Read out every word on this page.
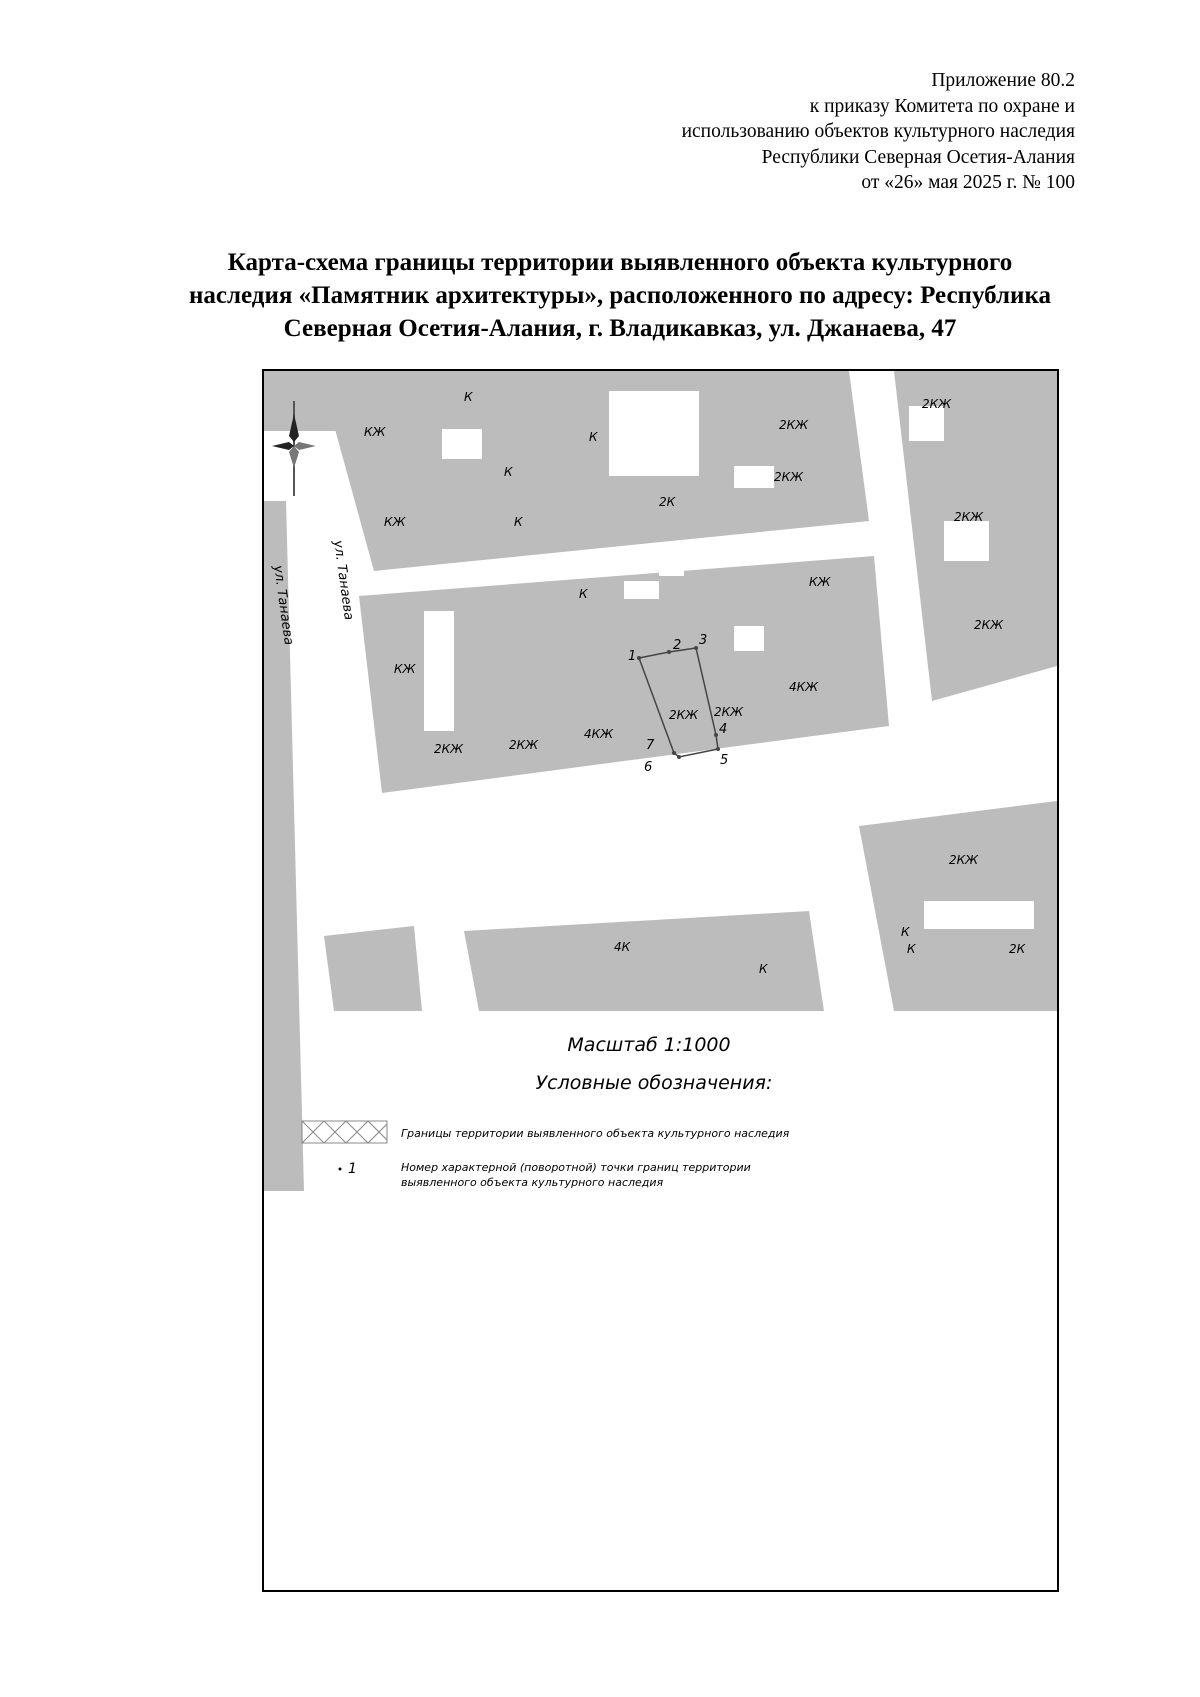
Приложение 80.2
к приказу Комитета по охране и
использованию объектов культурного наследия
Республики Северная Осетия-Алания
от «26» мая 2025 г. № 100
Карта-схема границы территории выявленного объекта культурного
наследия «Памятник архитектуры», расположенного по адресу: Республика
Северная Осетия-Алания, г. Владикавказ, ул. Джанаева, 47
ул. Танаева	ул. Танаева
К
КЖ	К
К
2КЖ
2КЖ
КЖ	К
2К
2КЖ
2КЖ
К
КЖ
КЖ
2КЖ
2КЖ	2КЖ
4КЖ
2КЖ 2КЖ
4КЖ
2КЖ
4К
К
К
К	2К
1
2 3
4
5
6
7
Масштаб 1:1000
Условные обозначения:
Границы территории выявленного объекта культурного наследия
1	Номер характерной (поворотной) точки границ территории
выявленного объекта культурного наследия
